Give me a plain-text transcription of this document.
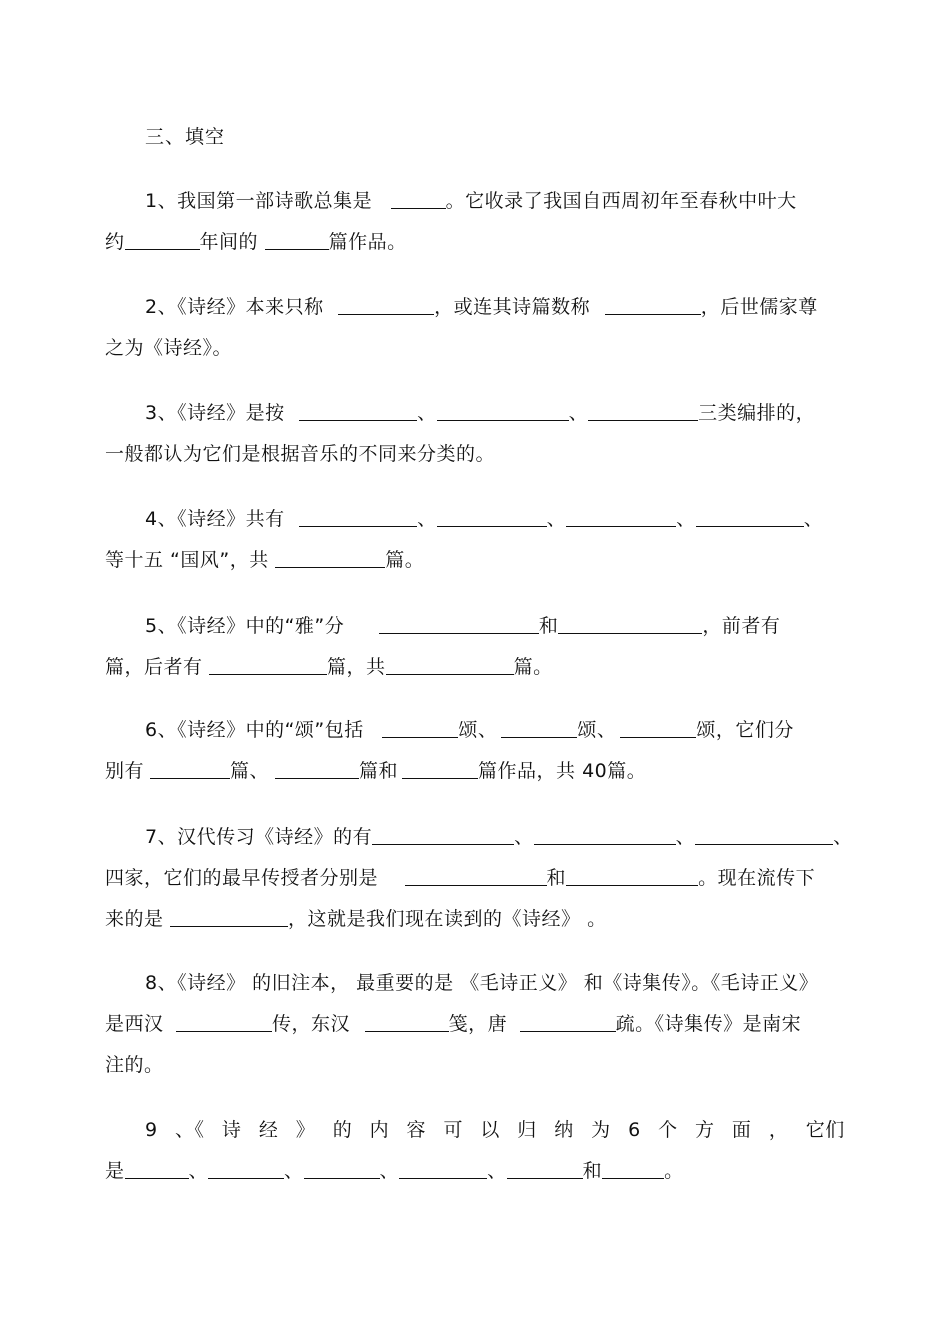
三、填空

1、我国第一部诗歌总集是	。它收录了我国自西周初年至春秋中叶大

约	年间的	篇作品。

2、《诗经》本来只称	，或连其诗篇数称	，后世儒家尊

之为《诗经》。

3、《诗经》是按	、	、	三类编排的，

一般都认为它们是根据音乐的不同来分类的。

4、《诗经》共有	、	、	、	、

等十五 “国风”，共	篇。

5、《诗经》中的“雅”分	和	，前者有

篇，后者有	篇，共	篇。

6、《诗经》中的“颂”包括	颂、	颂、	颂，它们分

别有	篇、	篇和	篇作品，共 40篇。

7、汉代传习《诗经》的有	、	、	、

四家，它们的最早传授者分别是	和	。现在流传下

来的是	，这就是我们现在读到的《诗经》 。

8、《诗经》 的旧注本， 最重要的是 《毛诗正义》 和《诗集传》。《毛诗正义》

是西汉	传，东汉	笺，唐	疏。《诗集传》是南宋

注的。

9 、《 诗 经 》 的 内 容 可 以 归 纳 为 6 个 方 面 ， 它们

是	、	、	、	、	和	。
